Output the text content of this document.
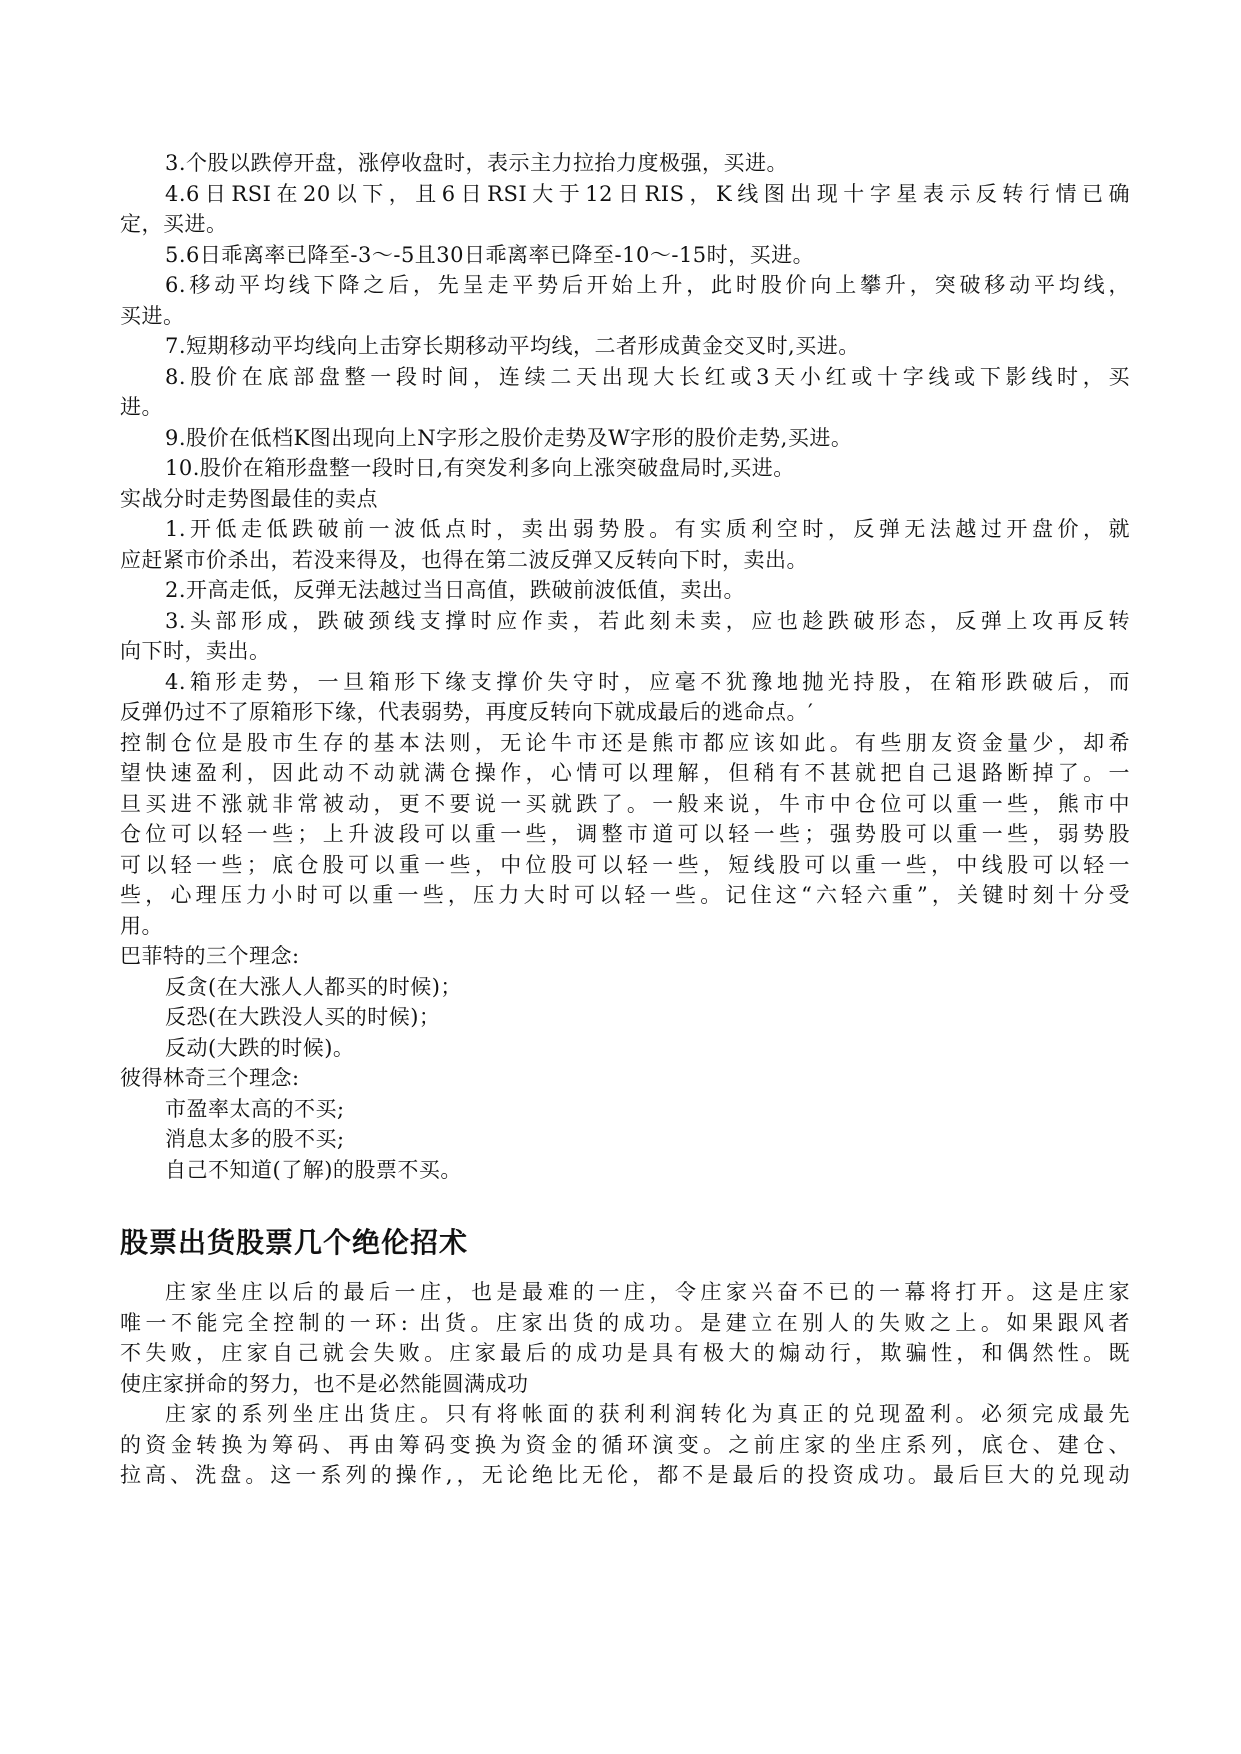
3.个股以跌停开盘，涨停收盘时，表示主力拉抬力度极强，买进。

4.6日RSI在20以下，且6日RSI大于12日RIS，K线图出现十字星表示反转行情已确

定，买进。

5.6日乖离率已降至-3～-5且30日乖离率已降至-10～-15时，买进。

6.移动平均线下降之后，先呈走平势后开始上升，此时股价向上攀升，突破移动平均线，

买进。

7.短期移动平均线向上击穿长期移动平均线，二者形成黄金交叉时,买进。

8.股价在底部盘整一段时间，连续二天出现大长红或3天小红或十字线或下影线时，买

进。

9.股价在低档K图出现向上N字形之股价走势及W字形的股价走势,买进。

10.股价在箱形盘整一段时日,有突发利多向上涨突破盘局时,买进。

实战分时走势图最佳的卖点

1.开低走低跌破前一波低点时，卖出弱势股。有实质利空时，反弹无法越过开盘价，就

应赶紧市价杀出，若没来得及，也得在第二波反弹又反转向下时，卖出。

2.开高走低，反弹无法越过当日高值，跌破前波低值，卖出。

3.头部形成，跌破颈线支撑时应作卖，若此刻未卖，应也趁跌破形态，反弹上攻再反转

向下时，卖出。

4.箱形走势，一旦箱形下缘支撑价失守时，应毫不犹豫地抛光持股，在箱形跌破后，而

反弹仍过不了原箱形下缘，代表弱势，再度反转向下就成最后的逃命点。′

控制仓位是股市生存的基本法则，无论牛市还是熊市都应该如此。有些朋友资金量少，却希

望快速盈利，因此动不动就满仓操作，心情可以理解，但稍有不甚就把自己退路断掉了。一

旦买进不涨就非常被动，更不要说一买就跌了。一般来说，牛市中仓位可以重一些，熊市中

仓位可以轻一些；上升波段可以重一些，调整市道可以轻一些；强势股可以重一些，弱势股

可以轻一些；底仓股可以重一些，中位股可以轻一些，短线股可以重一些，中线股可以轻一

些，心理压力小时可以重一些，压力大时可以轻一些。记住这“六轻六重”，关键时刻十分受

用。

巴菲特的三个理念:

反贪(在大涨人人都买的时候)；

反恐(在大跌没人买的时候)；

反动(大跌的时候)。

彼得林奇三个理念:

市盈率太高的不买;

消息太多的股不买;

自己不知道(了解)的股票不买。

股票出货股票几个绝伦招术

庄家坐庄以后的最后一庄，也是最难的一庄，令庄家兴奋不已的一幕将打开。这是庄家

唯一不能完全控制的一环: 出货。庄家出货的成功。是建立在别人的失败之上。如果跟风者

不失败，庄家自己就会失败。庄家最后的成功是具有极大的煽动行，欺骗性，和偶然性。既

使庄家拼命的努力，也不是必然能圆满成功

庄家的系列坐庄出货庄。只有将帐面的获利利润转化为真正的兑现盈利。必须完成最先

的资金转换为筹码、再由筹码变换为资金的循环演变。之前庄家的坐庄系列，底仓、建仓、

拉高、洗盘。这一系列的操作,，无论绝比无伦，都不是最后的投资成功。最后巨大的兑现动
